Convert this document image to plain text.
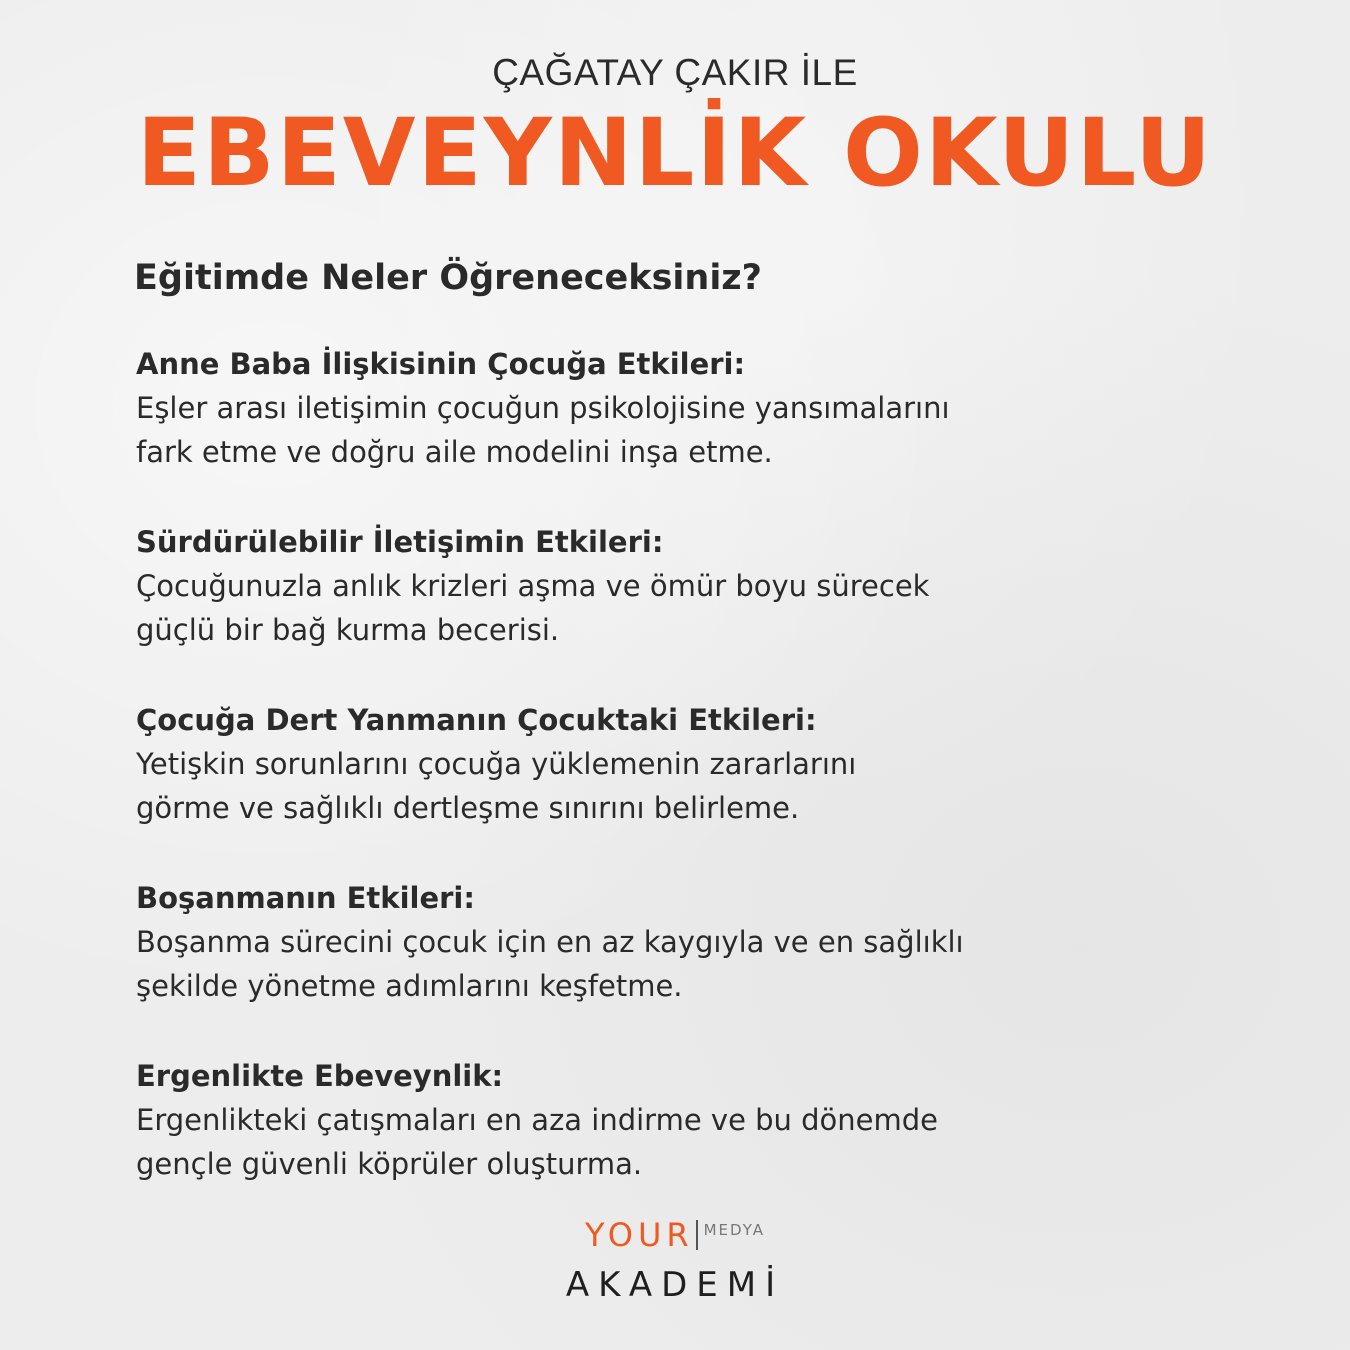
ÇAĞATAY ÇAKIR İLE
EBEVEYNLİK OKULU
Eğitimde Neler Öğreneceksiniz?
Anne Baba İlişkisinin Çocuğa Etkileri:
Eşler arası iletişimin çocuğun psikolojisine yansımalarını
fark etme ve doğru aile modelini inşa etme.
Sürdürülebilir İletişimin Etkileri:
Çocuğunuzla anlık krizleri aşma ve ömür boyu sürecek
güçlü bir bağ kurma becerisi.
Çocuğa Dert Yanmanın Çocuktaki Etkileri:
Yetişkin sorunlarını çocuğa yüklemenin zararlarını
görme ve sağlıklı dertleşme sınırını belirleme.
Boşanmanın Etkileri:
Boşanma sürecini çocuk için en az kaygıyla ve en sağlıklı
şekilde yönetme adımlarını keşfetme.
Ergenlikte Ebeveynlik:
Ergenlikteki çatışmaları en aza indirme ve bu dönemde
gençle güvenli köprüler oluşturma.
YOUR MEDYA
AKADEMİ
